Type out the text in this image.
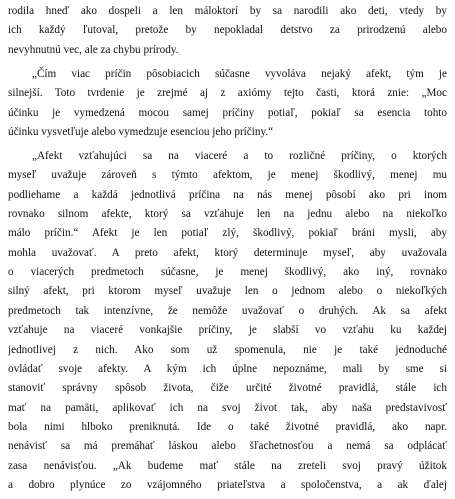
rodila hneď ako dospeli a len máloktorí by sa narodili ako deti, vtedy by
ich každý ľutoval, pretože by nepokladal detstvo za prirodzenú alebo
nevyhnutnú vec, ale za chybu prírody.
„Čím viac príčin pôsobiacich súčasne vyvoláva nejaký afekt, tým je
silnejší. Toto tvrdenie je zrejmé aj z axiómy tejto časti, ktorá znie: „Moc
účinku je vymedzená mocou samej príčiny potiaľ, pokiaľ sa esencia tohto
účinku vysvetľuje alebo vymedzuje esenciou jeho príčiny.“
„Afekt vzťahujúci sa na viaceré a to rozličné príčiny, o ktorých
myseľ uvažuje zároveň s týmto afektom, je menej škodlivý, menej mu
podliehame a každá jednotlivá príčina na nás menej pôsobí ako pri inom
rovnako silnom afekte, ktorý sa vzťahuje len na jednu alebo na niekoľko
málo príčin.“ Afekt je len potiaľ zlý, škodlivý, pokiaľ bráni mysli, aby
mohla uvažovať. A preto afekt, ktorý determinuje myseľ, aby uvažovala
o viacerých predmetoch súčasne, je menej škodlivý, ako iný, rovnako
silný afekt, pri ktorom myseľ uvažuje len o jednom alebo o niekoľkých
predmetoch tak intenzívne, že nemôže uvažovať o druhých. Ak sa afekt
vzťahuje na viaceré vonkajšie príčiny, je slabší vo vzťahu ku každej
jednotlivej z nich. Ako som už spomenula, nie je také jednoduché
ovládať svoje afekty. A kým ich úplne nepoznáme, mali by sme si
stanoviť správny spôsob života, čiže určité životné pravidlá, stále ich
mať na pamäti, aplikovať ich na svoj život tak, aby naša predstavivosť
bola nimi hlboko preniknutá. Ide o také životné pravidlá, ako napr.
nenávisť sa má premáhať láskou alebo šľachetnosťou a nemá sa odplácať
zasa nenávisťou. „Ak budeme mať stále na zreteli svoj pravý úžitok
a dobro plynúce zo vzájomného priateľstva a spoločenstva, a ak ďalej
